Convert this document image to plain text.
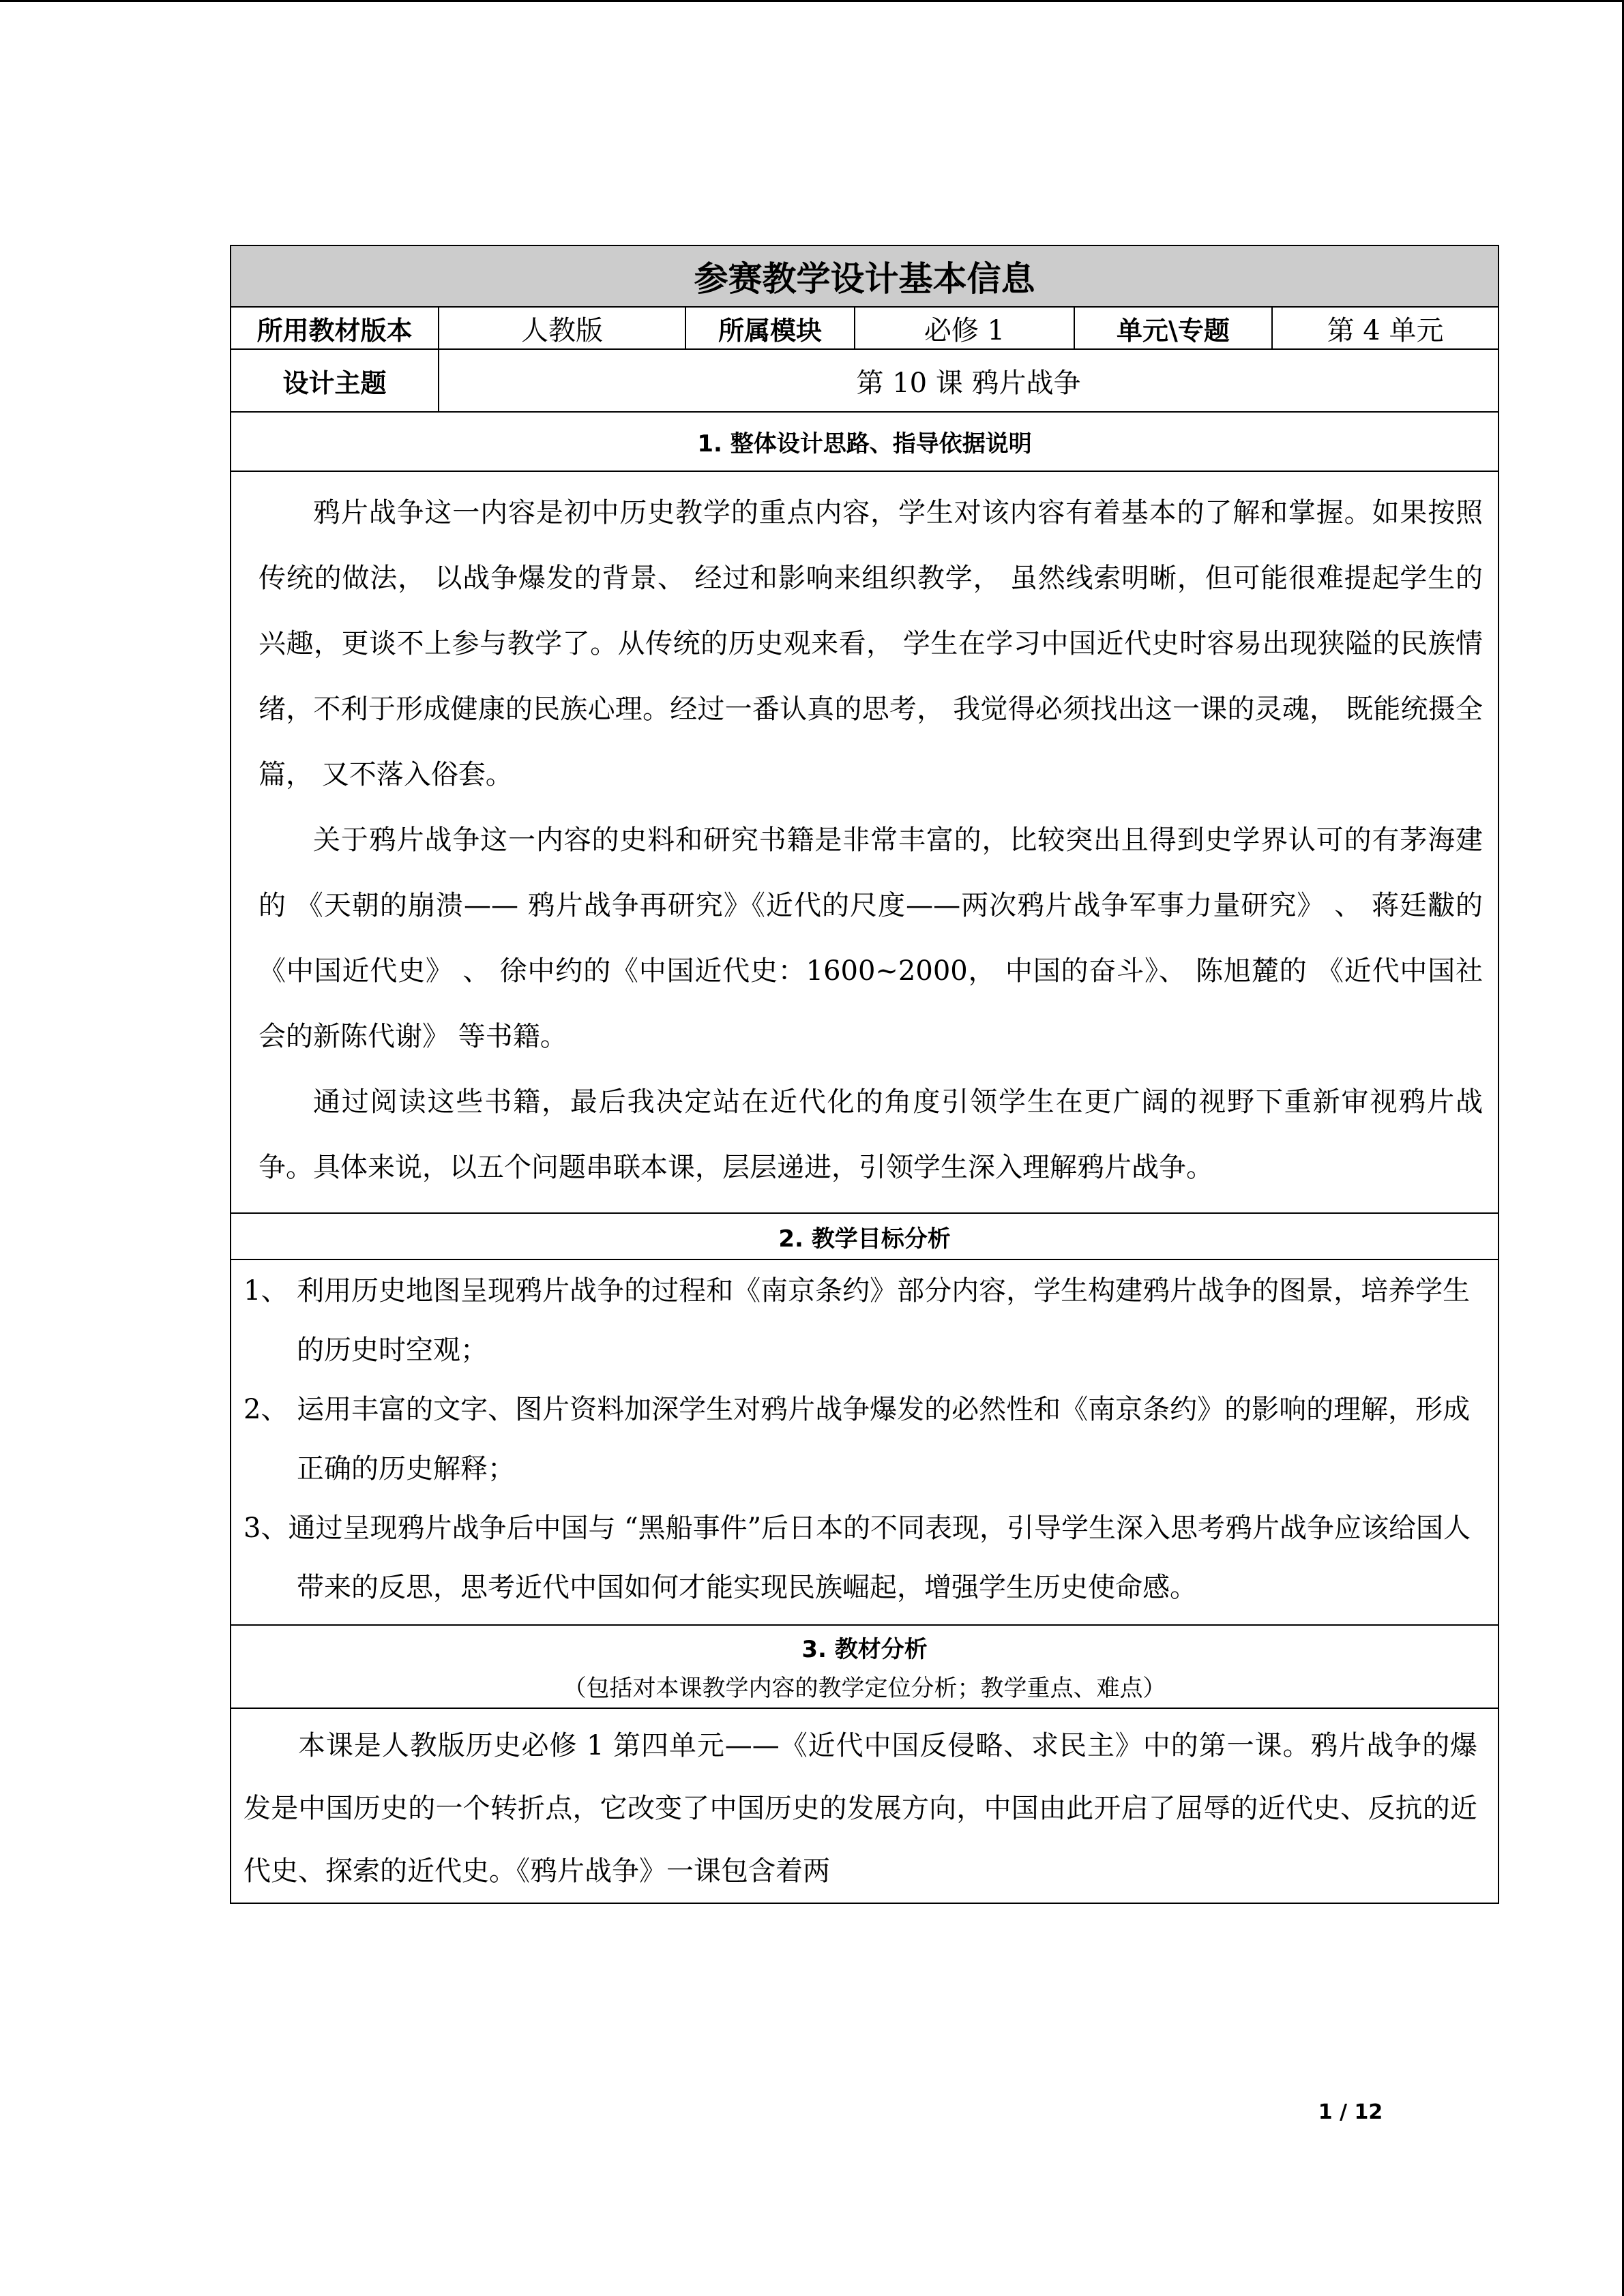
参赛教学设计基本信息					
所用教材版本	人教版	所属模块	必修 1	单元\专题	第 4 单元
设计主题	第 10 课 鸦片战争				
1. 整体设计思路、指导依据说明					

鸦片战争这一内容是初中历史教学的重点内容，学生对该内容有着基本的了解和掌握。如果按照传统的做法， 以战争爆发的背景、 经过和影响来组织教学， 虽然线索明晰，但可能很难提起学生的兴趣，更谈不上参与教学了。从传统的历史观来看， 学生在学习中国近代史时容易出现狭隘的民族情绪，不利于形成健康的民族心理。经过一番认真的思考， 我觉得必须找出这一课的灵魂， 既能统摄全篇， 又不落入俗套。

关于鸦片战争这一内容的史料和研究书籍是非常丰富的，比较突出且得到史学界认可的有茅海建的 《天朝的崩溃—— 鸦片战争再研究》《近代的尺度——两次鸦片战争军事力量研究》 、 蒋廷黻的《中国近代史》 、 徐中约的《中国近代史：1600~2000， 中国的奋斗》、 陈旭麓的 《近代中国社会的新陈代谢》 等书籍。

通过阅读这些书籍，最后我决定站在近代化的角度引领学生在更广阔的视野下重新审视鸦片战争。具体来说，以五个问题串联本课，层层递进，引领学生深入理解鸦片战争。					

2. 教学目标分析					

1、 利用历史地图呈现鸦片战争的过程和《南京条约》部分内容，学生构建鸦片战争的图景，培养学生的历史时空观；

2、 运用丰富的文字、图片资料加深学生对鸦片战争爆发的必然性和《南京条约》的影响的理解，形成正确的历史解释；

3、通过呈现鸦片战争后中国与 “黑船事件”后日本的不同表现，引导学生深入思考鸦片战争应该给国人带来的反思，思考近代中国如何才能实现民族崛起，增强学生历史使命感。					

3. 教材分析
（包括对本课教学内容的教学定位分析；教学重点、难点）					

本课是人教版历史必修 1 第四单元——《近代中国反侵略、求民主》中的第一课。鸦片战争的爆发是中国历史的一个转折点，它改变了中国历史的发展方向，中国由此开启了屈辱的近代史、反抗的近代史、探索的近代史。《鸦片战争》一课包含着两					

1 / 12
